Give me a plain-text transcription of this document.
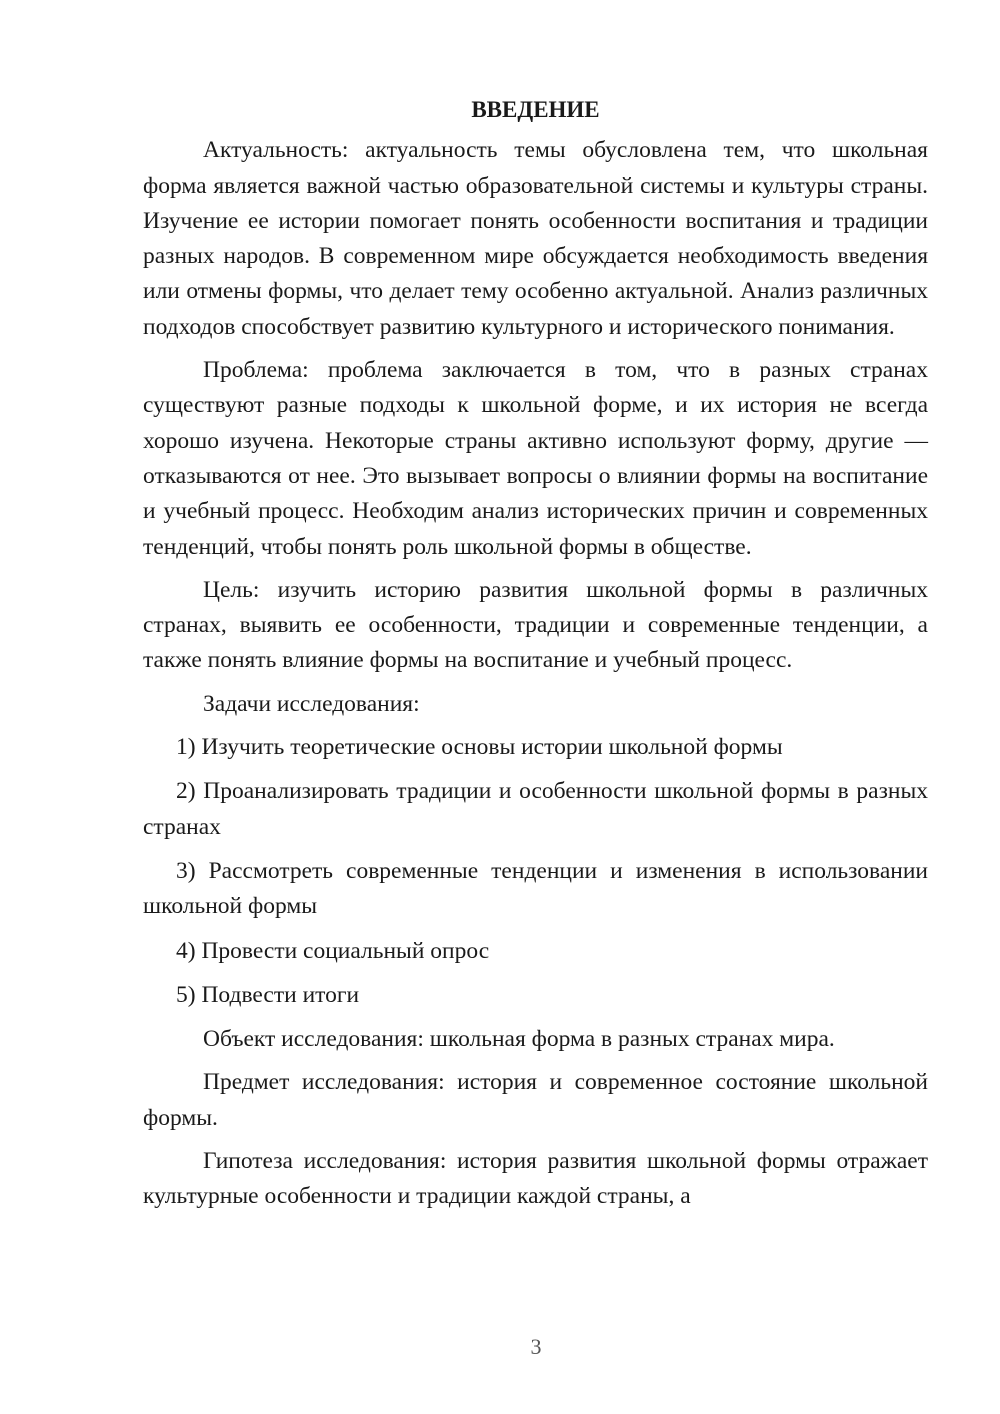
ВВЕДЕНИЕ

Актуальность: актуальность темы обусловлена тем, что школьная форма является важной частью образовательной системы и культуры страны. Изучение ее истории помогает понять особенности воспитания и традиции разных народов. В современном мире обсуждается необходимость введения или отмены формы, что делает тему особенно актуальной. Анализ различных подходов способствует развитию культурного и исторического понимания.

Проблема: проблема заключается в том, что в разных странах существуют разные подходы к школьной форме, и их история не всегда хорошо изучена. Некоторые страны активно используют форму, другие — отказываются от нее. Это вызывает вопросы о влиянии формы на воспитание и учебный процесс. Необходим анализ исторических причин и современных тенденций, чтобы понять роль школьной формы в обществе.

Цель: изучить историю развития школьной формы в различных странах, выявить ее особенности, традиции и современные тенденции, а также понять влияние формы на воспитание и учебный процесс.

Задачи исследования:

1) Изучить теоретические основы истории школьной формы

2) Проанализировать традиции и особенности школьной формы в разных странах

3) Рассмотреть современные тенденции и изменения в использовании школьной формы

4) Провести социальный опрос

5) Подвести итоги

Объект исследования: школьная форма в разных странах мира.

Предмет исследования: история и современное состояние школьной формы.

Гипотеза исследования: история развития школьной формы отражает культурные особенности и традиции каждой страны, а

3
